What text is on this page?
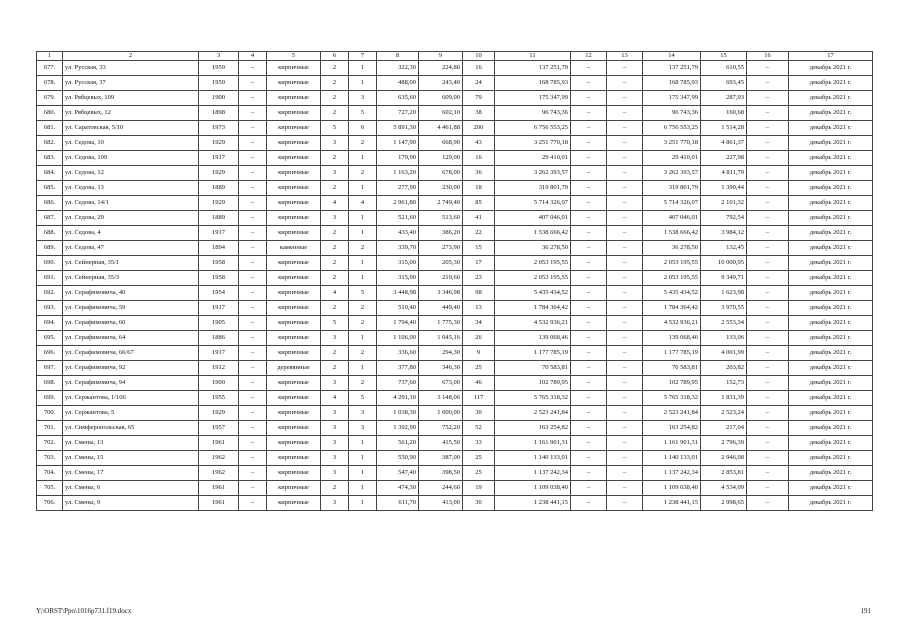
1	2	3	4	5	6	7	8	9	10	11	12	13	14	15	16	17
677.	ул. Русская, 33	1959	–	кирпичные	2	1	322,30	224,80	16	137 251,79	–	–	137 251,79	610,55	–	декабрь 2021 г.
678.	ул. Русская, 37	1959	–	кирпичные	2	1	488,00	243,40	24	168 785,93	–	–	168 785,93	693,45	–	декабрь 2021 г.
679.	ул. Рябцевых, 109	1900	–	кирпичные	2	3	635,60	609,00	79	175 347,99	–	–	175 347,99	287,93	–	декабрь 2021 г.
680.	ул. Рябцевых, 12	1898	–	кирпичные	2	5	727,20	602,10	38	96 743,36	–	–	96 743,36	160,68	–	декабрь 2021 г.
681.	ул. Саратовская, 5/10	1973	–	кирпичные	5	6	5 891,30	4 461,88	200	6 756 553,25	–	–	6 756 553,25	1 514,28	–	декабрь 2021 г.
682.	ул. Седова, 10	1929	–	кирпичные	3	2	1 147,90	668,90	43	3 251 770,18	–	–	3 251 770,18	4 861,37	–	декабрь 2021 г.
683.	ул. Седова, 109	1917	–	кирпичные	2	1	179,90	129,00	16	29 410,01	–	–	29 410,01	227,98	–	декабрь 2021 г.
684.	ул. Седова, 12	1929	–	кирпичные	3	2	1 163,20	678,00	36	3 262 393,57	–	–	3 262 393,57	4 811,79	–	декабрь 2021 г.
685.	ул. Седова, 13	1889	–	кирпичные	2	1	277,90	230,00	18	319 801,79	–	–	319 801,79	1 390,44	–	декабрь 2021 г.
686.	ул. Седова, 14/1	1929	–	кирпичные	4	4	2 961,80	2 749,40	85	5 714 326,07	–	–	5 714 326,07	2 101,32	–	декабрь 2021 г.
687.	ул. Седова, 29	1889	–	кирпичные	3	1	521,60	513,60	41	407 046,01	–	–	407 046,01	792,54	–	декабрь 2021 г.
688.	ул. Седова, 4	1917	–	кирпичные	2	1	433,40	386,20	22	1 538 666,42	–	–	1 538 666,42	3 984,12	–	декабрь 2021 г.
689.	ул. Седова, 47	1894	–	каменные	2	2	339,70	273,90	15	36 278,50	–	–	36 278,50	132,45	–	декабрь 2021 г.
690.	ул. Сейнерная, 35/1	1958	–	кирпичные	2	1	315,00	205,30	17	2 053 195,55	–	–	2 053 195,55	10 000,95	–	декабрь 2021 г.
691.	ул. Сейнерная, 35/3	1958	–	кирпичные	2	1	315,00	219,60	23	2 053 195,55	–	–	2 053 195,55	9 349,71	–	декабрь 2021 г.
692.	ул. Серафимовича, 40	1954	–	кирпичные	4	5	3 448,98	3 346,98	98	5 435 434,52	–	–	5 435 434,52	1 623,98	–	декабрь 2021 г.
693.	ул. Серафимовича, 59	1917	–	кирпичные	2	2	510,40	449,40	13	1 784 364,42	–	–	1 784 364,42	3 970,55	–	декабрь 2021 г.
694.	ул. Серафимовича, 60	1905	–	кирпичные	5	2	1 794,40	1 775,30	34	4 532 936,21	–	–	4 532 936,21	2 553,34	–	декабрь 2021 г.
695.	ул. Серафимовича, 64	1886	–	кирпичные	3	1	1 106,00	1 045,16	26	139 068,46	–	–	139 068,46	133,06	–	декабрь 2021 г.
696.	ул. Серафимовича, 66/67	1917	–	кирпичные	2	2	336,60	294,30	9	1 177 785,19	–	–	1 177 785,19	4 001,99	–	декабрь 2021 г.
697.	ул. Серафимовича, 92	1912	–	деревянные	2	1	377,80	346,30	25	70 583,81	–	–	70 583,81	203,82	–	декабрь 2021 г.
698.	ул. Серафимовича, 94	1900	–	кирпичные	3	2	737,60	673,00	46	102 789,95	–	–	102 789,95	152,73	–	декабрь 2021 г.
699.	ул. Сержантова, 1/106	1955	–	кирпичные	4	5	4 291,10	3 148,06	117	5 765 318,32	–	–	5 765 318,32	1 831,39	–	декабрь 2021 г.
700.	ул. Сержантова, 5	1929	–	кирпичные	3	3	1 038,30	1 000,00	30	2 523 241,84	–	–	2 523 241,84	2 523,24	–	декабрь 2021 г.
701.	ул. Симферопольская, 65	1957	–	кирпичные	3	3	1 392,90	752,20	52	163 254,82	–	–	163 254,82	217,04	–	декабрь 2021 г.
702.	ул. Смены, 13	1961	–	кирпичные	3	1	561,20	415,50	33	1 161 901,31	–	–	1 161 901,31	2 796,39	–	декабрь 2021 г.
703.	ул. Смены, 15	1962	–	кирпичные	3	1	550,90	387,00	25	1 140 133,01	–	–	1 140 133,01	2 946,08	–	декабрь 2021 г.
704.	ул. Смены, 17	1962	–	кирпичные	3	1	547,40	398,50	25	1 137 242,34	–	–	1 137 242,34	2 853,81	–	декабрь 2021 г.
705.	ул. Смены, 6	1961	–	кирпичные	2	1	474,30	244,60	19	1 109 038,40	–	–	1 109 038,40	4 534,09	–	декабрь 2021 г.
706.	ул. Смены, 9	1961	–	кирпичные	3	1	611,70	413,00	30	1 238 441,15	–	–	1 238 441,15	2 998,65	–	декабрь 2021 г.
Y:\ORST\Ppo\1016p731.f19.docx	191
